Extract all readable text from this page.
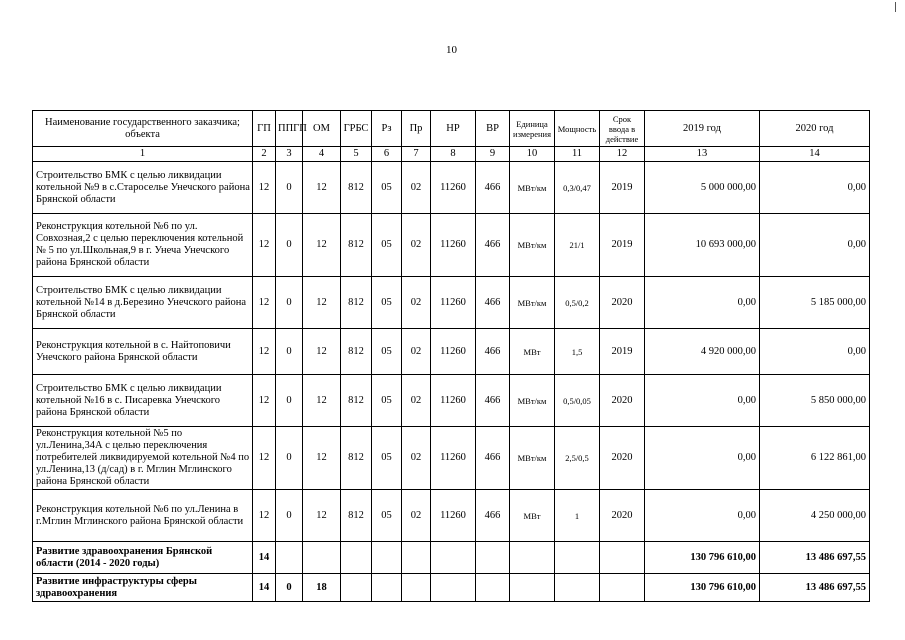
10
Наименование государственного заказчика; объекта	ГП	ППГП	ОМ	ГРБС	Рз	Пр	НР	ВР	Единица измерения	Мощность	Срок ввода в действие	2019 год	2020 год
1	2	3	4	5	6	7	8	9	10	11	12	13	14
Строительство БМК с целью ликвидации котельной №9 в с.Староселье Унечского района Брянской области	12	0	12	812	05	02	11260	466	МВт/км	0,3/0,47	2019	5 000 000,00	0,00
Реконструкция котельной №6 по ул. Совхозная,2 с целью переключения котельной № 5 по ул.Школьная,9 в г. Унеча Унечского района Брянской области	12	0	12	812	05	02	11260	466	МВт/км	21/1	2019	10 693 000,00	0,00
Строительство БМК с целью ликвидации котельной №14 в д.Березино Унечского района Брянской области	12	0	12	812	05	02	11260	466	МВт/км	0,5/0,2	2020	0,00	5 185 000,00
Реконструкция котельной в с. Найтоповичи Унечского района Брянской области	12	0	12	812	05	02	11260	466	МВт	1,5	2019	4 920 000,00	0,00
Строительство БМК с целью ликвидации котельной №16 в с. Писаревка Унечского района Брянской области	12	0	12	812	05	02	11260	466	МВт/км	0,5/0,05	2020	0,00	5 850 000,00
Реконструкция котельной №5 по ул.Ленина,34А с целью переключения потребителей ликвидируемой котельной №4 по ул.Ленина,13 (д/сад) в г. Мглин Мглинского района Брянской области	12	0	12	812	05	02	11260	466	МВт/км	2,5/0,5	2020	0,00	6 122 861,00
Реконструкция котельной №6 по ул.Ленина в г.Мглин Мглинского района Брянской области	12	0	12	812	05	02	11260	466	МВт	1	2020	0,00	4 250 000,00
Развитие здравоохранения Брянской области (2014 - 2020 годы)	14											130 796 610,00	13 486 697,55
Развитие инфраструктуры сферы здравоохранения	14	0	18									130 796 610,00	13 486 697,55
